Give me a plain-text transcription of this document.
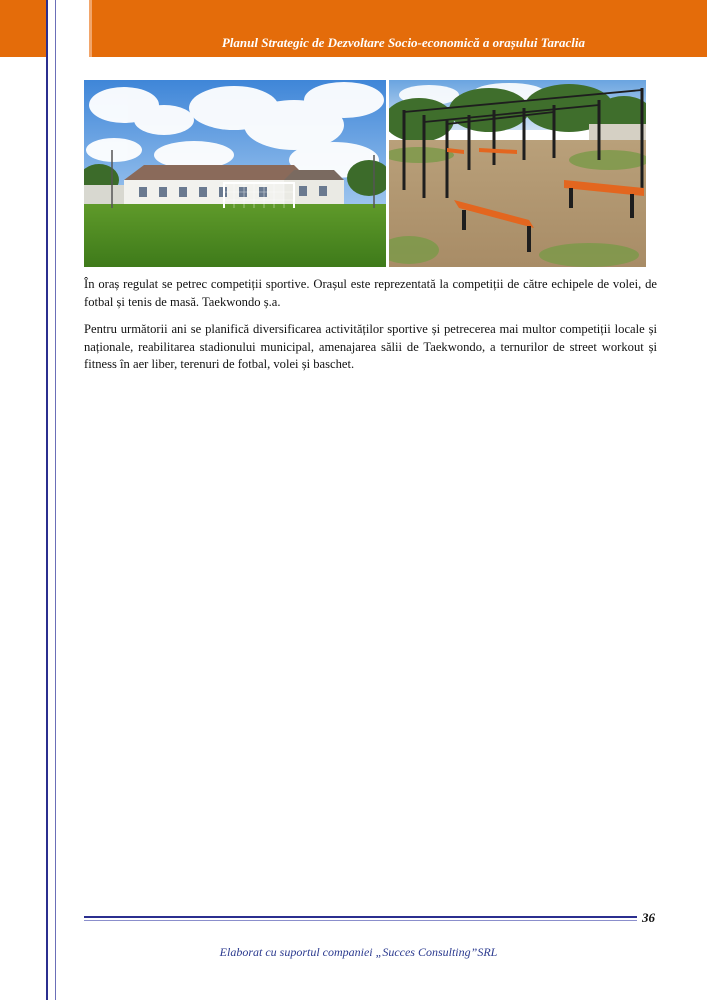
Planul Strategic de Dezvoltare Socio-economică a orașului Taraclia

În oraș regulat se petrec competiții sportive. Orașul este reprezentată la competiții de către echipele de volei, de fotbal și tenis de masă. Taekwondo ș.a.

Pentru următorii ani se planifică diversificarea activităților sportive și petrecerea mai multor competiții locale și naționale, reabilitarea stadionului municipal, amenajarea sălii de Taekwondo, a ternurilor de street workout și fitness în aer liber, terenuri de fotbal, volei și baschet.

36
Elaborat cu suportul companiei „Succes Consulting”SRL
